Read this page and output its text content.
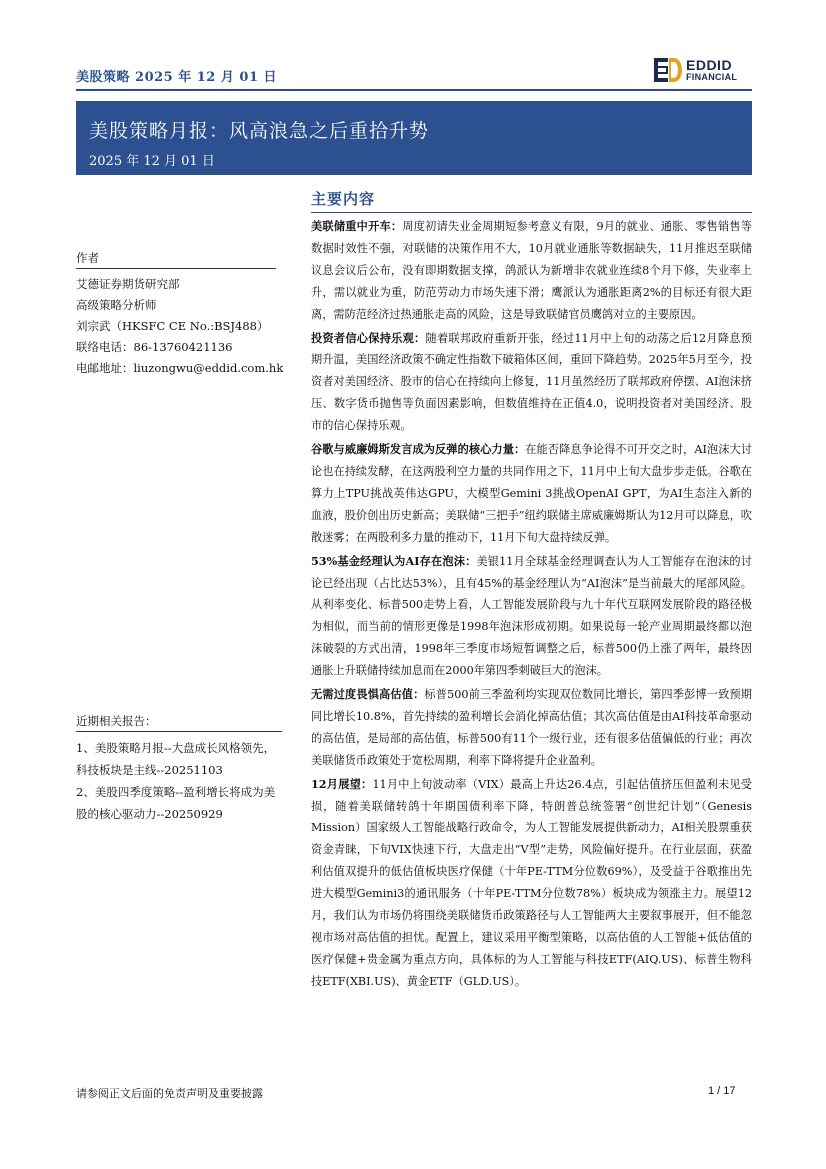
美股策略 2025 年 12 月 01 日
EDDID
FINANCIAL
美股策略月报：风高浪急之后重拾升势
2025 年 12 月 01 日
作者
艾德证券期货研究部
高级策略分析师
刘宗武（HKSFC CE No.:BSJ488）
联络电话：86-13760421136
电邮地址：liuzongwu@eddid.com.hk
近期相关报告：
1、美股策略月报--大盘成长风格领先，科技板块是主线--20251103
2、美股四季度策略--盈利增长将成为美股的核心驱动力--20250929
主要内容

美联储重中开车：周度初请失业金周期短参考意义有限，9月的就业、通胀、零售销售等数据时效性不强，对联储的决策作用不大，10月就业通胀等数据缺失，11月推迟至联储议息会议后公布，没有即期数据支撑，鸽派认为新增非农就业连续8个月下修，失业率上升，需以就业为重，防范劳动力市场失速下滑；鹰派认为通胀距离2%的目标还有很大距离，需防范经济过热通胀走高的风险，这是导致联储官员鹰鸽对立的主要原因。

投资者信心保持乐观：随着联邦政府重新开张，经过11月中上旬的动荡之后12月降息预期升温，美国经济政策不确定性指数下破箱体区间，重回下降趋势。2025年5月至今，投资者对美国经济、股市的信心在持续向上修复，11月虽然经历了联邦政府停摆、AI泡沫挤压、数字货币抛售等负面因素影响，但数值维持在正值4.0，说明投资者对美国经济、股市的信心保持乐观。

谷歌与威廉姆斯发言成为反弹的核心力量：在能否降息争论得不可开交之时，AI泡沫大讨论也在持续发酵，在这两股利空力量的共同作用之下，11月中上旬大盘步步走低。谷歌在算力上TPU挑战英伟达GPU，大模型Gemini 3挑战OpenAI GPT，为AI生态注入新的血液，股价创出历史新高；美联储“三把手”纽约联储主席威廉姆斯认为12月可以降息，吹散迷雾；在两股利多力量的推动下，11月下旬大盘持续反弹。

53%基金经理认为AI存在泡沫：美银11月全球基金经理调查认为人工智能存在泡沫的讨论已经出现（占比达53%），且有45%的基金经理认为“AI泡沫”是当前最大的尾部风险。从利率变化、标普500走势上看，人工智能发展阶段与九十年代互联网发展阶段的路径极为相似，而当前的情形更像是1998年泡沫形成初期。如果说每一轮产业周期最终都以泡沫破裂的方式出清，1998年三季度市场短暂调整之后，标普500仍上涨了两年，最终因通胀上升联储持续加息而在2000年第四季刺破巨大的泡沫。

无需过度畏惧高估值：标普500前三季盈利均实现双位数同比增长，第四季彭博一致预期同比增长10.8%，首先持续的盈利增长会消化掉高估值；其次高估值是由AI科技革命驱动的高估值，是局部的高估值，标普500有11个一级行业，还有很多估值偏低的行业；再次美联储货币政策处于宽松周期，利率下降将提升企业盈利。

12月展望：11月中上旬波动率（VIX）最高上升达26.4点，引起估值挤压但盈利未见受损，随着美联储转鸽十年期国债利率下降，特朗普总统签署“创世纪计划”（Genesis Mission）国家级人工智能战略行政命令，为人工智能发展提供新动力，AI相关股票重获资金青睐，下旬VIX快速下行，大盘走出“V型”走势，风险偏好提升。在行业层面，获盈利估值双提升的低估值板块医疗保健（十年PE-TTM分位数69%），及受益于谷歌推出先进大模型Gemini3的通讯服务（十年PE-TTM分位数78%）板块成为领涨主力。展望12月，我们认为市场仍将围绕美联储货币政策路径与人工智能两大主要叙事展开，但不能忽视市场对高估值的担忧。配置上，建议采用平衡型策略，以高估值的人工智能+低估值的医疗保健+贵金属为重点方向，具体标的为人工智能与科技ETF(AIQ.US)、标普生物科技ETF(XBI.US)、黄金ETF（GLD.US）。

请参阅正文后面的免责声明及重要披露	1 / 17
